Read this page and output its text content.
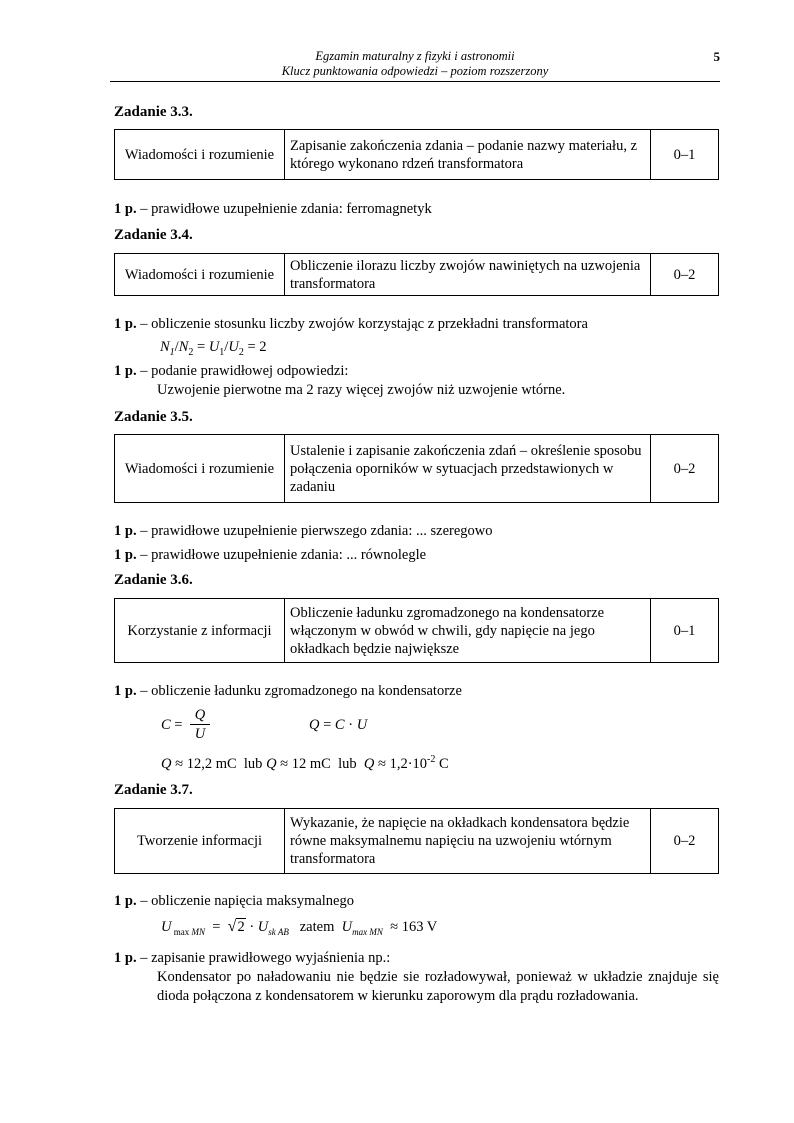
Egzamin maturalny z fizyki i astronomii
Klucz punktowania odpowiedzi – poziom rozszerzony
5
Zadanie 3.3.
Wiadomości i rozumienie	Zapisanie zakończenia zdania – podanie nazwy materiału, z którego wykonano rdzeń transformatora	0–1
1 p. – prawidłowe uzupełnienie zdania: ferromagnetyk
Zadanie 3.4.
Wiadomości i rozumienie	Obliczenie ilorazu liczby zwojów nawiniętych na uzwojenia transformatora	0–2
1 p. – obliczenie stosunku liczby zwojów korzystając z przekładni transformatora
$N_1/N_2 = U_1/U_2 = 2$
1 p. – podanie prawidłowej odpowiedzi:
Uzwojenie pierwotne ma 2 razy więcej zwojów niż uzwojenie wtórne.
Zadanie 3.5.
Wiadomości i rozumienie	Ustalenie i zapisanie zakończenia zdań – określenie sposobu połączenia oporników w sytuacjach przedstawionych w zadaniu	0–2
1 p. – prawidłowe uzupełnienie pierwszego zdania: ... szeregowo
1 p. – prawidłowe uzupełnienie zdania: ... równolegle
Zadanie 3.6.
Korzystanie z informacji	Obliczenie ładunku zgromadzonego na kondensatorze włączonym w obwód w chwili, gdy napięcie na jego okładkach będzie największe	0–1
1 p. – obliczenie ładunku zgromadzonego na kondensatorze
$C = \frac{Q}{U}$	Q = C · U
Q ≈ 12,2 mC lub Q ≈ 12 mC lub $Q \approx 1,2\cdot 10^{-2}$ C
Zadanie 3.7.
Tworzenie informacji	Wykazanie, że napięcie na okładkach kondensatora będzie równe maksymalnemu napięciu na uzwojeniu wtórnym transformatora	0–2
1 p. – obliczenie napięcia maksymalnego
U $_{max MN} = √2 \cdot U_{sk AB}$ zatem $U_{max MN} \approx 163$ V
1 p. – zapisanie prawidłowego wyjaśnienia np.:
Kondensator po naładowaniu nie będzie sie rozładowywał, ponieważ w układzie znajduje się dioda połączona z kondensatorem w kierunku zaporowym dla prądu rozładowania.
